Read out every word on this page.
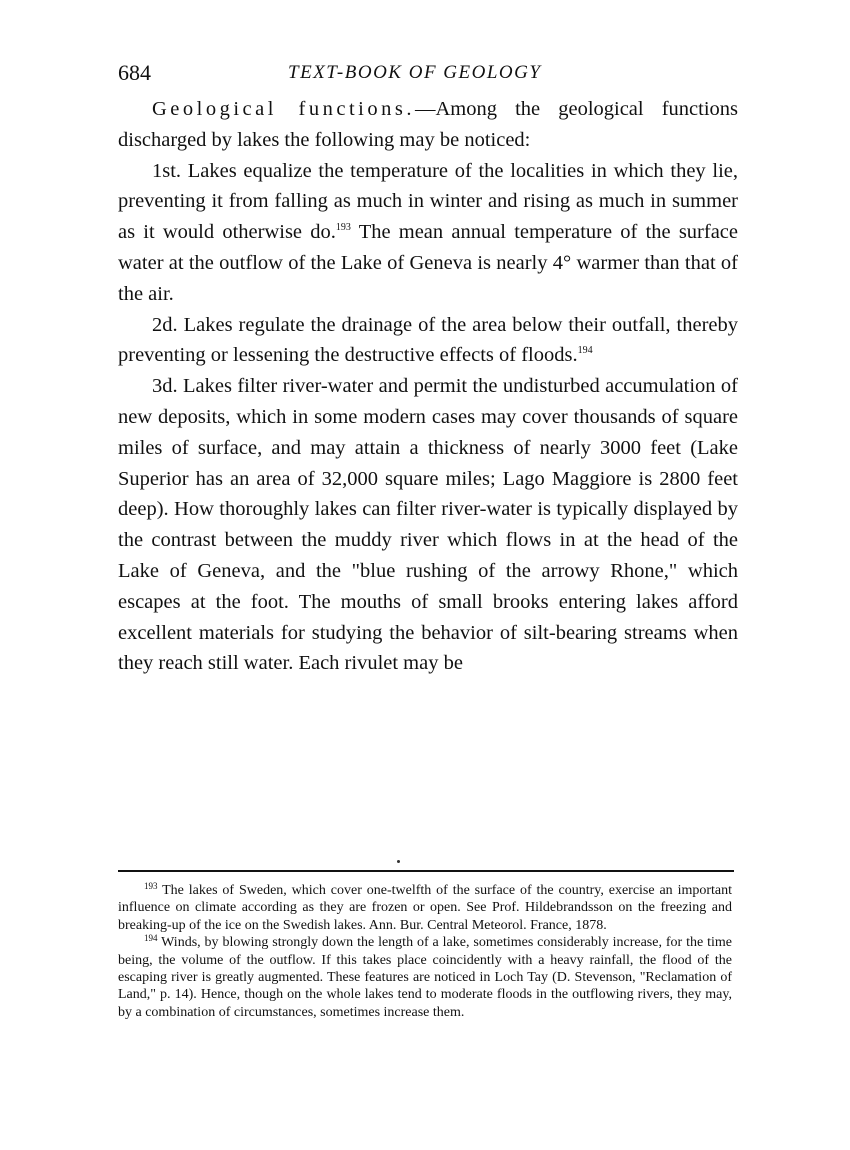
684	TEXT-BOOK OF GEOLOGY

Geological functions.—Among the geological functions discharged by lakes the following may be noticed:

1st. Lakes equalize the temperature of the localities in which they lie, preventing it from falling as much in winter and rising as much in summer as it would otherwise do.$^{193}$ The mean annual temperature of the surface water at the outflow of the Lake of Geneva is nearly 4° warmer than that of the air.

2d. Lakes regulate the drainage of the area below their outfall, thereby preventing or lessening the destructive effects of floods.$^{194}$

3d. Lakes filter river-water and permit the undisturbed accumulation of new deposits, which in some modern cases may cover thousands of square miles of surface, and may attain a thickness of nearly 3000 feet (Lake Superior has an area of 32,000 square miles; Lago Maggiore is 2800 feet deep). How thoroughly lakes can filter river-water is typically displayed by the contrast between the muddy river which flows in at the head of the Lake of Geneva, and the "blue rushing of the arrowy Rhone," which escapes at the foot. The mouths of small brooks entering lakes afford excellent materials for studying the behavior of silt-bearing streams when they reach still water. Each rivulet may be

$^{193}$ The lakes of Sweden, which cover one-twelfth of the surface of the country, exercise an important influence on climate according as they are frozen or open. See Prof. Hildebrandsson on the freezing and breaking-up of the ice on the Swedish lakes. Ann. Bur. Central Meteorol. France, 1878.

$^{194}$ Winds, by blowing strongly down the length of a lake, sometimes considerably increase, for the time being, the volume of the outflow. If this takes place coincidently with a heavy rainfall, the flood of the escaping river is greatly augmented. These features are noticed in Loch Tay (D. Stevenson, "Reclamation of Land," p. 14). Hence, though on the whole lakes tend to moderate floods in the outflowing rivers, they may, by a combination of circumstances, sometimes increase them.
